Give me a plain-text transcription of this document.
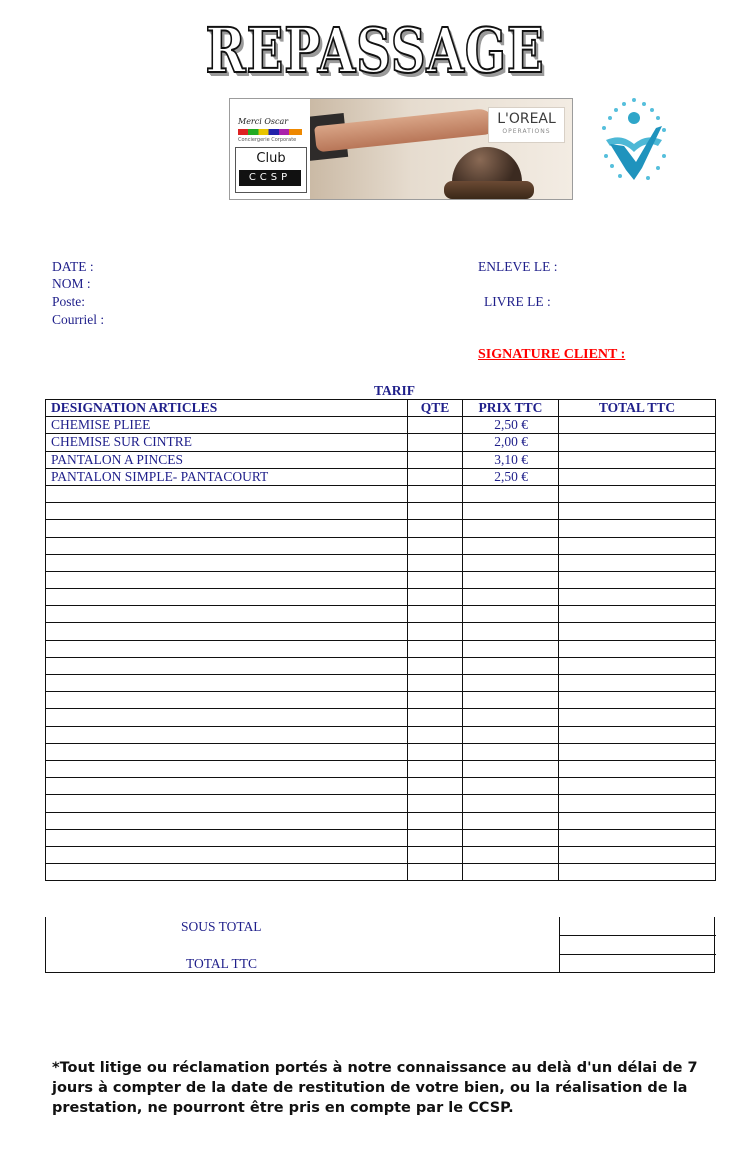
REPASSAGE
Merci Oscar
Conciergerie Corporate
Club
CCSP
L'OREAL
OPERATIONS
DATE :
NOM :
Poste:
Courriel :
ENLEVE LE :
LIVRE LE :
SIGNATURE CLIENT :
TARIF
DESIGNATION ARTICLES	QTE	PRIX TTC	TOTAL TTC
CHEMISE PLIEE		2,50 €	
CHEMISE SUR CINTRE		2,00 €	
PANTALON A PINCES		3,10 €	
PANTALON SIMPLE- PANTACOURT		2,50 €	

SOUS TOTAL
TOTAL TTC
*Tout litige ou réclamation portés à notre connaissance au delà d'un délai de 7 jours à compter de la date de restitution de votre bien, ou la réalisation de la prestation, ne pourront être pris en compte par le CCSP.
